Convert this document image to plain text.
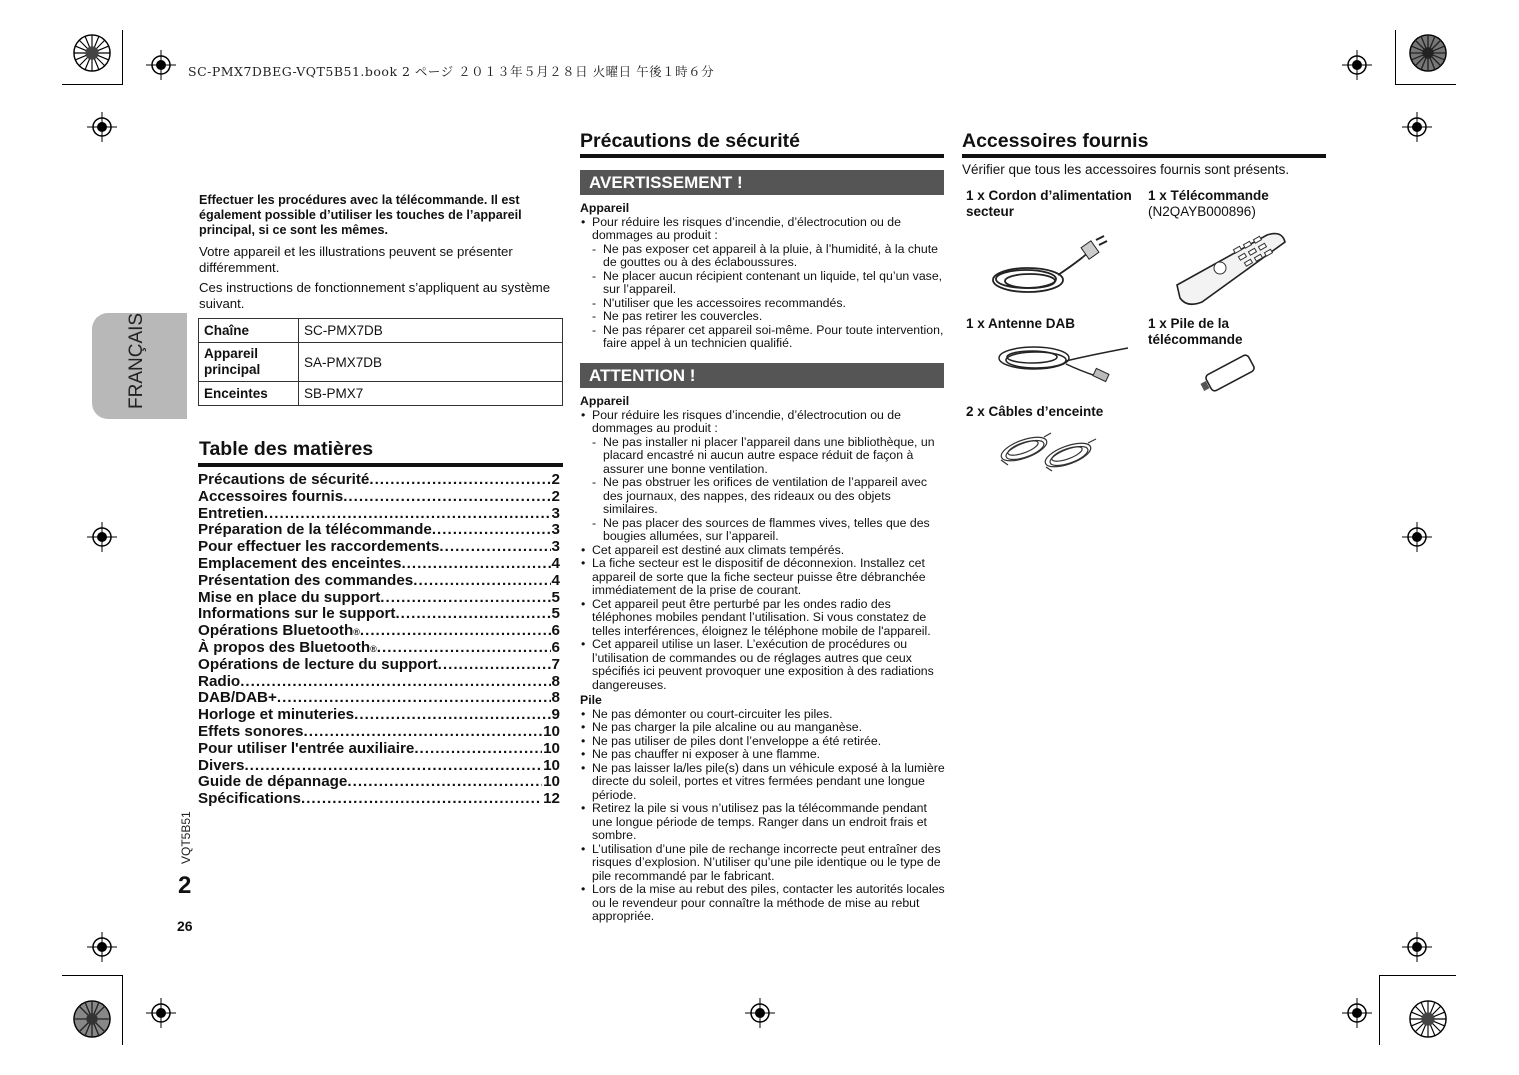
SC-PMX7DBEG-VQT5B51.book 2 ページ ２０１３年５月２８日 火曜日 午後１時６分
FRANÇAIS
VQT5B51
2
26

Effectuer les procédures avec la télécommande. Il est également possible d’utiliser les touches de l’appareil principal, si ce sont les mêmes.

Votre appareil et les illustrations peuvent se présenter différemment.

Ces instructions de fonctionnement s’appliquent au système suivant.

Chaîne	SC-PMX7DB
Appareil principal	SA-PMX7DB
Enceintes	SB-PMX7
Table des matières
Précautions de sécurité .....	2
Accessoires fournis .....	2
Entretien .....	3
Préparation de la télécommande .....	3
Pour effectuer les raccordements .....	3
Emplacement des enceintes .....	4
Présentation des commandes .....	4
Mise en place du support .....	5
Informations sur le support .....	5
Opérations Bluetooth ® .....	6
À propos des Bluetooth ® .....	6
Opérations de lecture du support .....	7
Radio .....	8
DAB/DAB+ .....	8
Horloge et minuteries .....	9
Effets sonores .....	10
Pour utiliser l'entrée auxiliaire .....	10
Divers .....	10
Guide de dépannage .....	10
Spécifications .....	12
Précautions de sécurité
AVERTISSEMENT !
Appareil
• Pour réduire les risques d’incendie, d’électrocution ou de dommages au produit :
- Ne pas exposer cet appareil à la pluie, à l’humidité, à la chute de gouttes ou à des éclaboussures.
- Ne placer aucun récipient contenant un liquide, tel qu’un vase, sur l’appareil.
- N'utiliser que les accessoires recommandés.
- Ne pas retirer les couvercles.
- Ne pas réparer cet appareil soi-même. Pour toute intervention, faire appel à un technicien qualifié.
ATTENTION !
Appareil
• Pour réduire les risques d’incendie, d’électrocution ou de dommages au produit :
- Ne pas installer ni placer l’appareil dans une bibliothèque, un placard encastré ni aucun autre espace réduit de façon à assurer une bonne ventilation.
- Ne pas obstruer les orifices de ventilation de l’appareil avec des journaux, des nappes, des rideaux ou des objets similaires.
- Ne pas placer des sources de flammes vives, telles que des bougies allumées, sur l’appareil.
• Cet appareil est destiné aux climats tempérés.
• La fiche secteur est le dispositif de déconnexion. Installez cet appareil de sorte que la fiche secteur puisse être débranchée immédiatement de la prise de courant.
• Cet appareil peut être perturbé par les ondes radio des téléphones mobiles pendant l’utilisation. Si vous constatez de telles interférences, éloignez le téléphone mobile de l'appareil.
• Cet appareil utilise un laser. L’exécution de procédures ou l’utilisation de commandes ou de réglages autres que ceux spécifiés ici peuvent provoquer une exposition à des radiations dangereuses.
Pile
• Ne pas démonter ou court-circuiter les piles.
• Ne pas charger la pile alcaline ou au manganèse.
• Ne pas utiliser de piles dont l’enveloppe a été retirée.
• Ne pas chauffer ni exposer à une flamme.
• Ne pas laisser la/les pile(s) dans un véhicule exposé à la lumière directe du soleil, portes et vitres fermées pendant une longue période.
• Retirez la pile si vous n’utilisez pas la télécommande pendant une longue période de temps. Ranger dans un endroit frais et sombre.
• L’utilisation d’une pile de rechange incorrecte peut entraîner des risques d’explosion. N’utiliser qu’une pile identique ou le type de pile recommandé par le fabricant.
• Lors de la mise au rebut des piles, contacter les autorités locales ou le revendeur pour connaître la méthode de mise au rebut appropriée.
Accessoires fournis
Vérifier que tous les accessoires fournis sont présents.
1 x Cordon d’alimentation secteur
1 x Télécommande
(N2QAYB000896)
1 x Antenne DAB	1 x Pile de la télécommande
2 x Câbles d’enceinte
